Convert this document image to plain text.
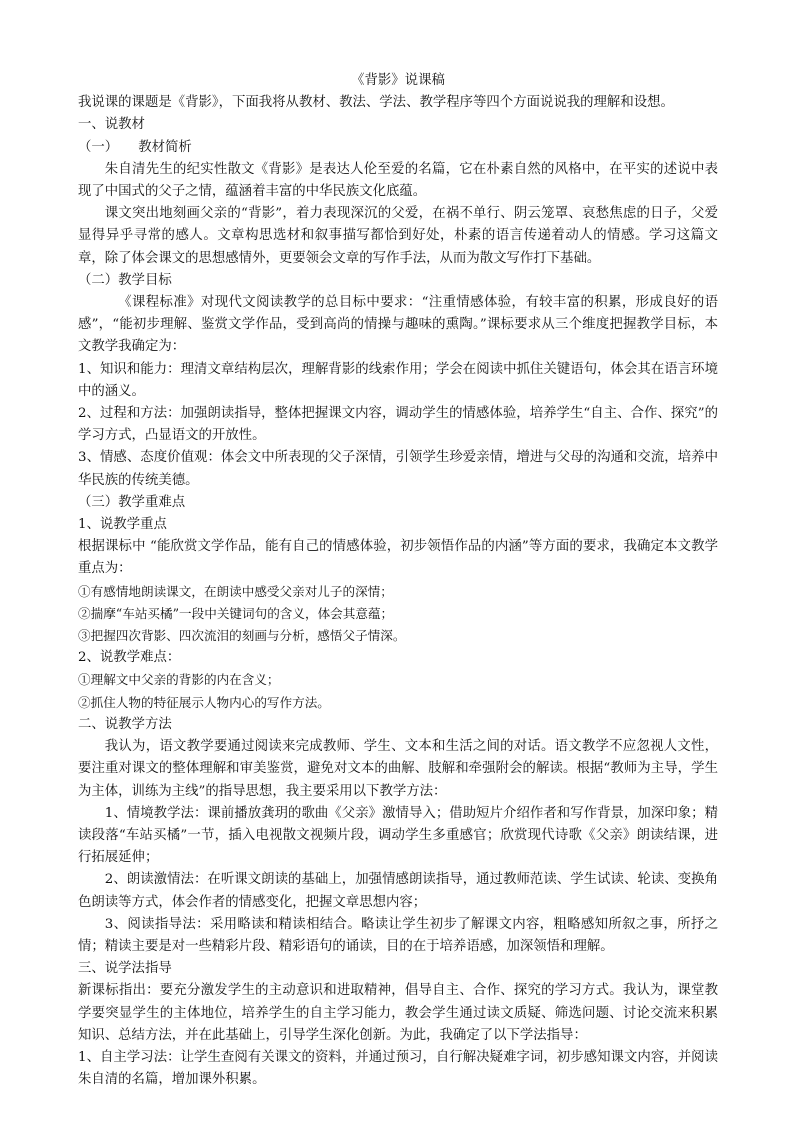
《背影》说课稿

我说课的课题是《背影》，下面我将从教材、教法、学法、教学程序等四个方面说说我的理解和设想。

一、说教材

（一）　　教材简析

朱自清先生的纪实性散文《背影》是表达人伦至爱的名篇，它在朴素自然的风格中，在平实的述说中表现了中国式的父子之情，蕴涵着丰富的中华民族文化底蕴。

课文突出地刻画父亲的“背影”，着力表现深沉的父爱，在祸不单行、阴云笼罩、哀愁焦虑的日子，父爱显得异乎寻常的感人。文章构思选材和叙事描写都恰到好处，朴素的语言传递着动人的情感。学习这篇文章，除了体会课文的思想感情外，更要领会文章的写作手法，从而为散文写作打下基础。

（二）教学目标

《课程标准》对现代文阅读教学的总目标中要求：“注重情感体验，有较丰富的积累，形成良好的语感”，“能初步理解、鉴赏文学作品，受到高尚的情操与趣味的熏陶。”课标要求从三个维度把握教学目标，本文教学我确定为：

1、知识和能力：理清文章结构层次，理解背影的线索作用；学会在阅读中抓住关键语句，体会其在语言环境中的涵义。

2、过程和方法：加强朗读指导，整体把握课文内容，调动学生的情感体验，培养学生“自主、合作、探究”的学习方式，凸显语文的开放性。

3、情感、态度价值观：体会文中所表现的父子深情，引领学生珍爱亲情，增进与父母的沟通和交流，培养中华民族的传统美德。

（三）教学重难点

1、说教学重点

根据课标中 “能欣赏文学作品，能有自己的情感体验，初步领悟作品的内涵”等方面的要求，我确定本文教学重点为：

①有感情地朗读课文，在朗读中感受父亲对儿子的深情；

②揣摩“车站买橘”一段中关键词句的含义，体会其意蕴；

③把握四次背影、四次流泪的刻画与分析，感悟父子情深。

2、说教学难点：

①理解文中父亲的背影的内在含义；

②抓住人物的特征展示人物内心的写作方法。

二、说教学方法

我认为，语文教学要通过阅读来完成教师、学生、文本和生活之间的对话。语文教学不应忽视人文性，要注重对课文的整体理解和审美鉴赏，避免对文本的曲解、肢解和牵强附会的解读。根据“教师为主导，学生为主体，训练为主线”的指导思想，我主要采用以下教学方法：

1、情境教学法：课前播放龚玥的歌曲《父亲》激情导入；借助短片介绍作者和写作背景，加深印象；精读段落“车站买橘”一节，插入电视散文视频片段，调动学生多重感官；欣赏现代诗歌《父亲》朗读结课，进行拓展延伸；

2、朗读激情法：在听课文朗读的基础上，加强情感朗读指导，通过教师范读、学生试读、轮读、变换角色朗读等方式，体会作者的情感变化，把握文章思想内容；

3、阅读指导法：采用略读和精读相结合。略读让学生初步了解课文内容，粗略感知所叙之事，所抒之情；精读主要是对一些精彩片段、精彩语句的诵读，目的在于培养语感，加深领悟和理解。

三、说学法指导

新课标指出：要充分激发学生的主动意识和进取精神，倡导自主、合作、探究的学习方式。我认为，课堂教学要突显学生的主体地位，培养学生的自主学习能力，教会学生通过读文质疑、筛选问题、讨论交流来积累知识、总结方法，并在此基础上，引导学生深化创新。为此，我确定了以下学法指导：

1、自主学习法：让学生查阅有关课文的资料，并通过预习，自行解决疑难字词，初步感知课文内容，并阅读朱自清的名篇，增加课外积累。
